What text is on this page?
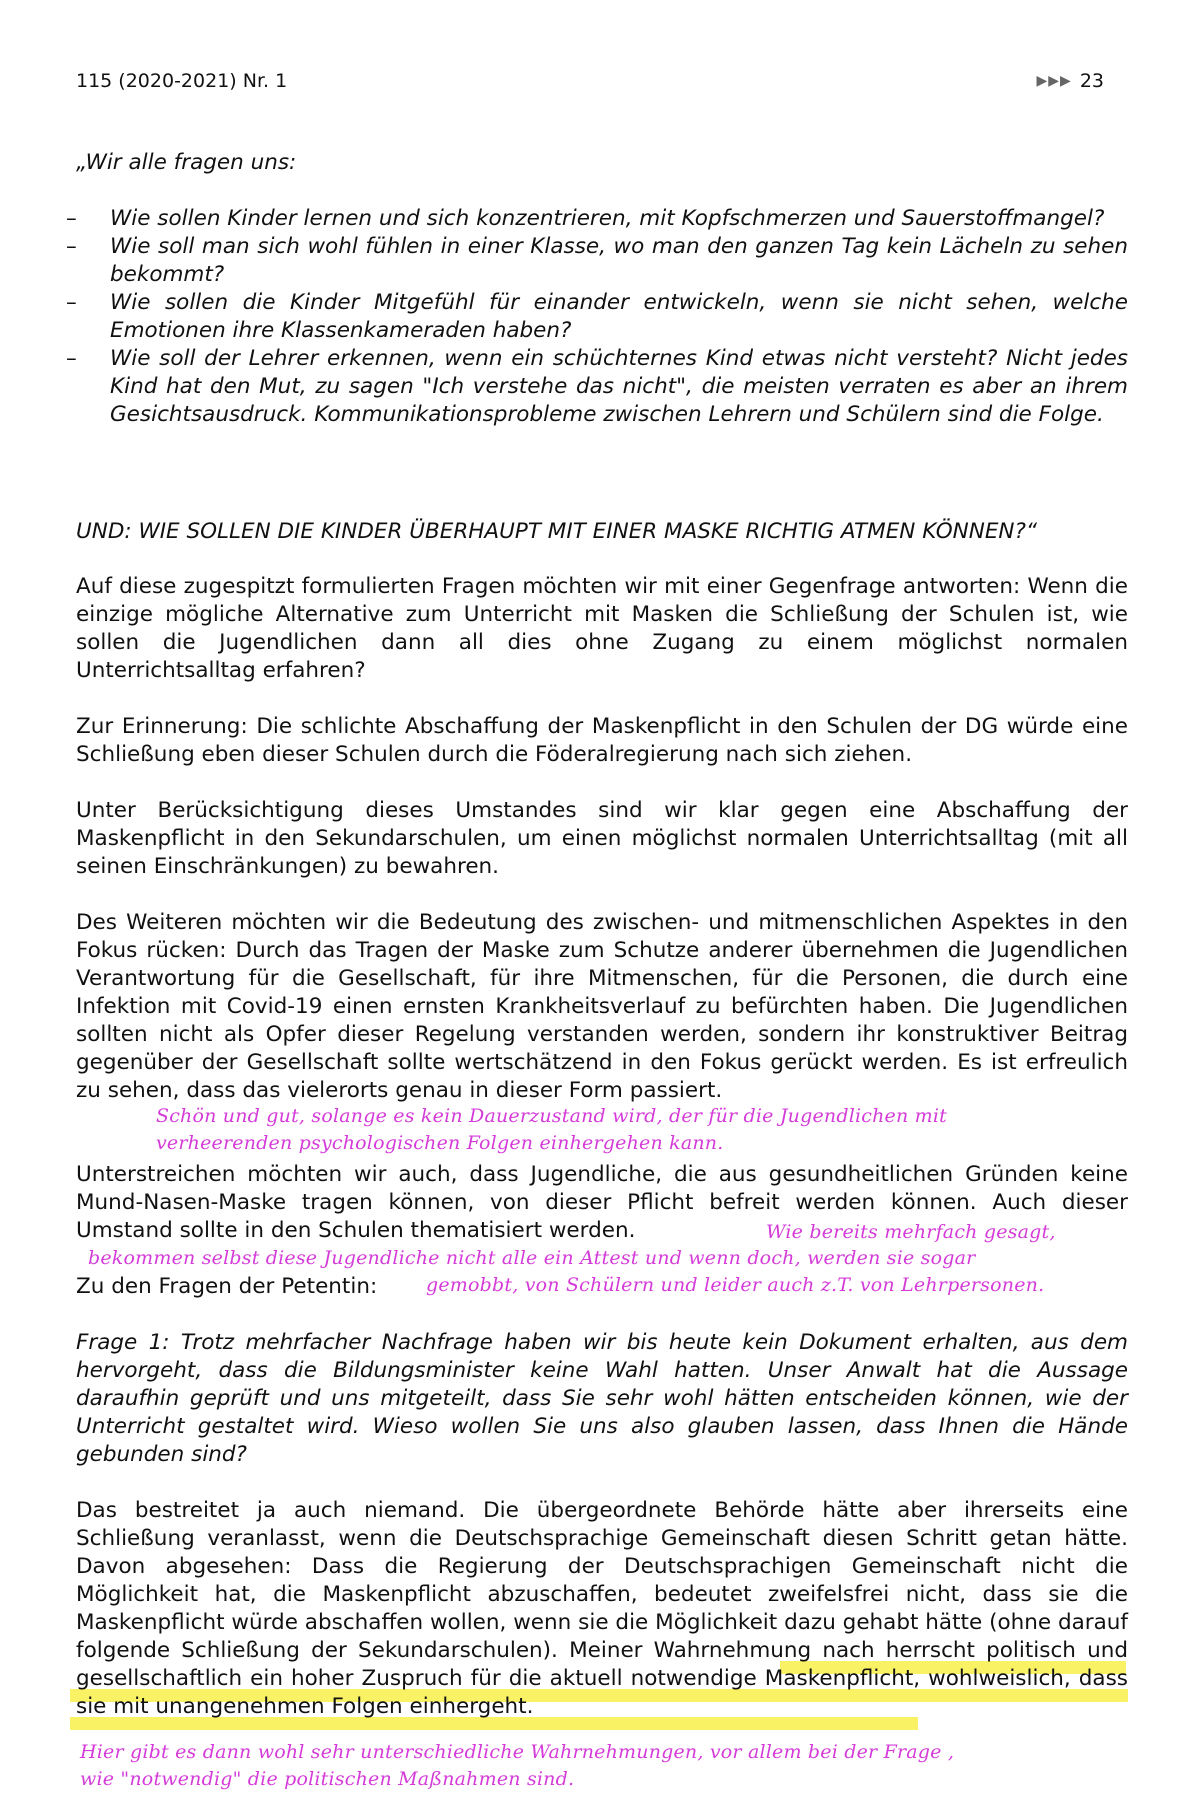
115 (2020-2021) Nr. 1	▶▶▶ 23

„Wir alle fragen uns:

– Wie sollen Kinder lernen und sich konzentrieren, mit Kopfschmerzen und Sauerstoffmangel?
– Wie soll man sich wohl fühlen in einer Klasse, wo man den ganzen Tag kein Lächeln zu sehen bekommt?
– Wie sollen die Kinder Mitgefühl für einander entwickeln, wenn sie nicht sehen, welche Emotionen ihre Klassenkameraden haben?
– Wie soll der Lehrer erkennen, wenn ein schüchternes Kind etwas nicht versteht? Nicht jedes Kind hat den Mut, zu sagen "Ich verstehe das nicht", die meisten verraten es aber an ihrem Gesichtsausdruck. Kommunikationsprobleme zwischen Lehrern und Schülern sind die Folge.

UND: WIE SOLLEN DIE KINDER ÜBERHAUPT MIT EINER MASKE RICHTIG ATMEN KÖNNEN?“

Auf diese zugespitzt formulierten Fragen möchten wir mit einer Gegenfrage antworten: Wenn die einzige mögliche Alternative zum Unterricht mit Masken die Schließung der Schulen ist, wie sollen die Jugendlichen dann all dies ohne Zugang zu einem möglichst normalen Unterrichtsalltag erfahren?

Zur Erinnerung: Die schlichte Abschaffung der Maskenpflicht in den Schulen der DG würde eine Schließung eben dieser Schulen durch die Föderalregierung nach sich ziehen.

Unter Berücksichtigung dieses Umstandes sind wir klar gegen eine Abschaffung der Maskenpflicht in den Sekundarschulen, um einen möglichst normalen Unterrichtsalltag (mit all seinen Einschränkungen) zu bewahren.

Des Weiteren möchten wir die Bedeutung des zwischen- und mitmenschlichen Aspektes in den Fokus rücken: Durch das Tragen der Maske zum Schutze anderer übernehmen die Jugendlichen Verantwortung für die Gesellschaft, für ihre Mitmenschen, für die Personen, die durch eine Infektion mit Covid-19 einen ernsten Krankheitsverlauf zu befürchten haben. Die Jugendlichen sollten nicht als Opfer dieser Regelung verstanden werden, sondern ihr konstruktiver Beitrag gegenüber der Gesellschaft sollte wertschätzend in den Fokus gerückt werden. Es ist erfreulich zu sehen, dass das vielerorts genau in dieser Form passiert.

Schön und gut, solange es kein Dauerzustand wird, der für die Jugendlichen mit
verheerenden psychologischen Folgen einhergehen kann.

Unterstreichen möchten wir auch, dass Jugendliche, die aus gesundheitlichen Gründen keine Mund-Nasen-Maske tragen können, von dieser Pflicht befreit werden können. Auch dieser Umstand sollte in den Schulen thematisiert werden.	Wie bereits mehrfach gesagt,
bekommen selbst diese Jugendliche nicht alle ein Attest und wenn doch, werden sie sogar

Zu den Fragen der Petentin:	gemobbt, von Schülern und leider auch z.T. von Lehrpersonen.

Frage 1: Trotz mehrfacher Nachfrage haben wir bis heute kein Dokument erhalten, aus dem hervorgeht, dass die Bildungsminister keine Wahl hatten. Unser Anwalt hat die Aussage daraufhin geprüft und uns mitgeteilt, dass Sie sehr wohl hätten entscheiden können, wie der Unterricht gestaltet wird. Wieso wollen Sie uns also glauben lassen, dass Ihnen die Hände gebunden sind?

Das bestreitet ja auch niemand. Die übergeordnete Behörde hätte aber ihrerseits eine Schließung veranlasst, wenn die Deutschsprachige Gemeinschaft diesen Schritt getan hätte. Davon abgesehen: Dass die Regierung der Deutschsprachigen Gemeinschaft nicht die Möglichkeit hat, die Maskenpflicht abzuschaffen, bedeutet zweifelsfrei nicht, dass sie die Maskenpflicht würde abschaffen wollen, wenn sie die Möglichkeit dazu gehabt hätte (ohne darauf folgende Schließung der Sekundarschulen). Meiner Wahrnehmung nach herrscht politisch und gesellschaftlich ein hoher Zuspruch für die aktuell notwendige Maskenpflicht, wohlweislich, dass sie mit unangenehmen Folgen einhergeht.

Hier gibt es dann wohl sehr unterschiedliche Wahrnehmungen, vor allem bei der Frage ,
wie "notwendig" die politischen Maßnahmen sind.
